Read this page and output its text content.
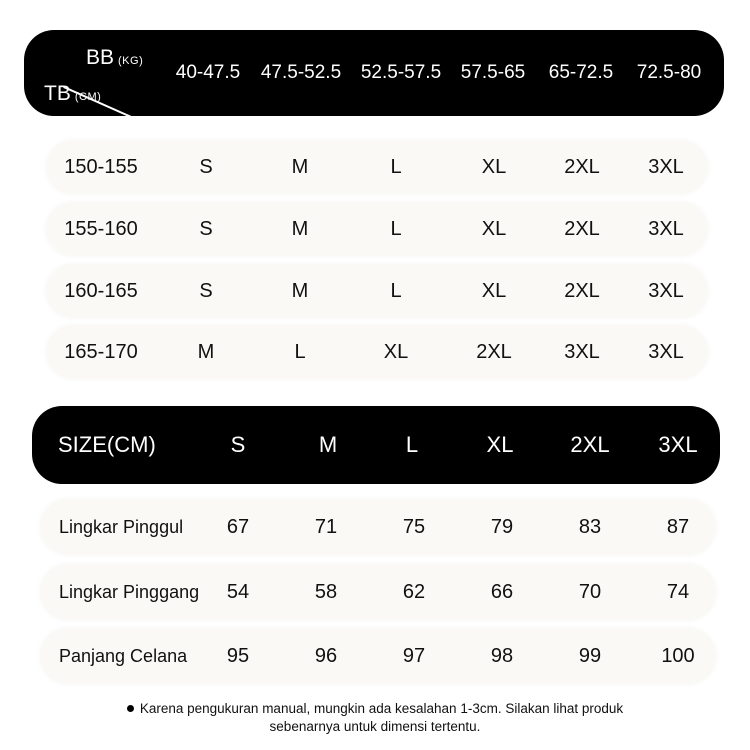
BB (KG)
TB (CM)
40-47.5	47.5-52.5	52.5-57.5	57.5-65	65-72.5	72.5-80
150-155	S	M	L	XL	2XL	3XL
155-160	S	M	L	XL	2XL	3XL
160-165	S	M	L	XL	2XL	3XL
165-170	M	L	XL	2XL	3XL	3XL
SIZE(CM)	S	M	L	XL	2XL	3XL
Lingkar Pinggul	67	71	75	79	83	87
Lingkar Pinggang	54	58	62	66	70	74
Panjang Celana	95	96	97	98	99	100
Karena pengukuran manual, mungkin ada kesalahan 1-3cm. Silakan lihat produk
sebenarnya untuk dimensi tertentu.
